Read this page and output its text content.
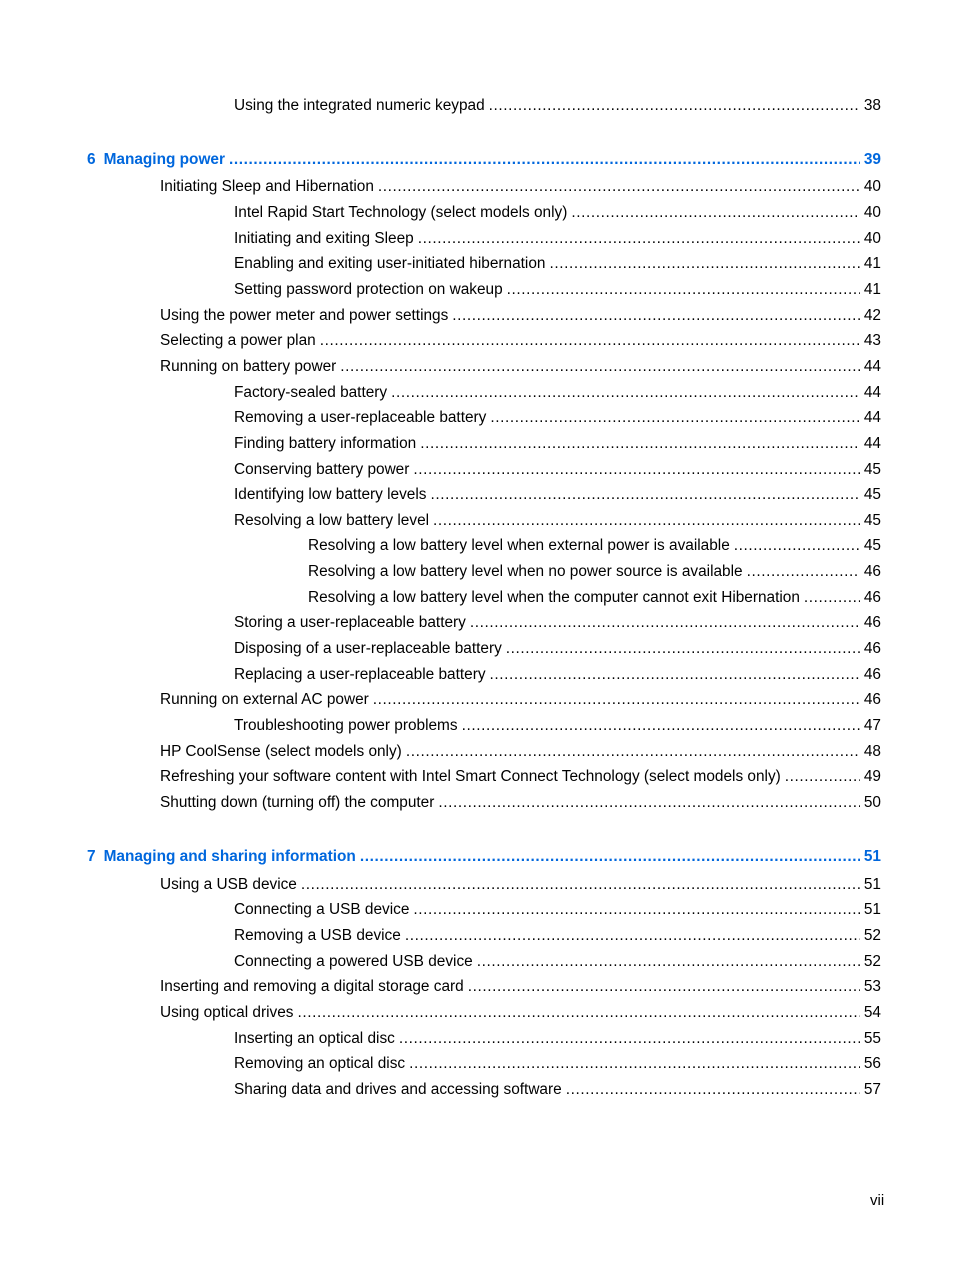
Using the integrated numeric keypad .....	38
6 Managing power .....	39
Initiating Sleep and Hibernation .....	40
Intel Rapid Start Technology (select models only) .....	40
Initiating and exiting Sleep .....	40
Enabling and exiting user-initiated hibernation .....	41
Setting password protection on wakeup .....	41
Using the power meter and power settings .....	42
Selecting a power plan .....	43
Running on battery power .....	44
Factory-sealed battery .....	44
Removing a user-replaceable battery .....	44
Finding battery information .....	44
Conserving battery power .....	45
Identifying low battery levels .....	45
Resolving a low battery level .....	45
Resolving a low battery level when external power is available .....	45
Resolving a low battery level when no power source is available .....	46
Resolving a low battery level when the computer cannot exit Hibernation .....	46
Storing a user-replaceable battery .....	46
Disposing of a user-replaceable battery .....	46
Replacing a user-replaceable battery .....	46
Running on external AC power .....	46
Troubleshooting power problems .....	47
HP CoolSense (select models only) .....	48
Refreshing your software content with Intel Smart Connect Technology (select models only) .....	49
Shutting down (turning off) the computer .....	50
7 Managing and sharing information .....	51
Using a USB device .....	51
Connecting a USB device .....	51
Removing a USB device .....	52
Connecting a powered USB device .....	52
Inserting and removing a digital storage card .....	53
Using optical drives .....	54
Inserting an optical disc .....	55
Removing an optical disc .....	56
Sharing data and drives and accessing software .....	57
vii
